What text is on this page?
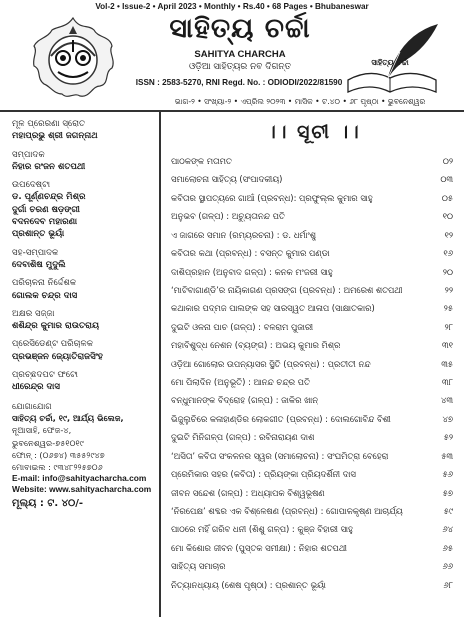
Vol-2 • Issue-2 • April 2023 • Monthly • Rs.40 • 68 Pages • Bhubaneswar
ସାହିତ୍ୟ ଚର୍ଚ୍ଚା
SAHITYA CHARCHA
ଓଡ଼ିଆ ସାହିତ୍ୟର ନବ ଦିଗନ୍ତ
ISSN : 2583-5270, RNI Regd. No. : ODIODI/2022/81590
ସାହିତ୍ୟ ଚର୍ଚ୍ଚା
ଭାଗ-୨ • ସଂଖ୍ୟା-୨ • ଏପ୍ରିଲ ୨୦୨୩ • ମାସିକ • ଟ.୪୦ • ୬୮ ପୃଷ୍ଠା • ଭୁବନେଶ୍ୱର
ମୂଳ ପ୍ରେରଣା ସ୍ରୋତ
ମହାପ୍ରଭୁ ଶ୍ରୀ ଜଗନ୍ନାଥ
ସମ୍ପାଦକ
ନିହାର ରଂଜନ ଶତପଥୀ
ଉପଦେଷ୍ଟା
ଡ. ପୂର୍ଣ୍ଣଚନ୍ଦ୍ର ମିଶ୍ର
ଦୁର୍ଗା ଚରଣ ଷଡ଼ଙ୍ଗୀ
ବଦନଦେବ ମହାରଣା
ପ୍ରଶାନ୍ତ ଭୂୟାଁ
ସହ-ସମ୍ପାଦକ
ଦେବାଶିଷ ମୁଦୁଲି
ପରିଚାଳନା ନିର୍ଦ୍ଦେଶକ
ଗୋଲକ ଚନ୍ଦ୍ର ଦାସ
ଅକ୍ଷର ସଜ୍ଜା
ଶଶିନ୍ଦ୍ର କୁମାର ରାଉତରାୟ
ପ୍ରେସିଡେଣ୍ଟ ପରିଚାଳକ
ପ୍ରଭଞ୍ଜନ ଜ୍ୟୋତିରାଜସିଂହ
ପ୍ରଚ୍ଛଦପଟ ଫଟୋ
ଧୀରେନ୍ଦ୍ର ଦାସ
ଯୋଗାଯୋଗ
ସାହିତ୍ୟ ଚର୍ଚ୍ଚା, ୧୯, ଆର୍ଯ୍ୟ ଭିଲେଜ,
ନୂଆସାହି, ଫେଜ-୪,
ଭୁବନେଶ୍ୱର-୭୫୧୦୧୯
ଫୋନ୍ : (୦୬୭୪) ୩୫୫୨୯୪୭
ମୋବାଇଲ : ୯୩୪୮୨୨୫୭୦୬
E-mail: info@sahityacharcha.com
Website: www.sahityacharcha.com
ମୂଲ୍ୟ : ଟ. ୪୦/-
।। ସୂଚୀ ।।
ପାଠକଙ୍କ ମତାମତ	୦୨
ସମାଲୋଚନା ସାହିତ୍ୟ (ସଂପାଦକୀୟ)	୦୩
କବିତାର ସ୍ଥାପତ୍ୟରେ ଗାଆଁ (ପ୍ରବନ୍ଧ): ପ୍ରଫୁଲ୍ଲ କୁମାର ସାହୁ	୦୫
ଅନୁଭବ (ଗଳ୍ପ) : ଅଚ୍ୟୁତାନନ୍ଦ ପତି	୧୦
ଏ ଜାଗରେ ସମାନ (ରମ୍ୟରଚନା) : ଡ. ଧର୍ମାଂଶୁ	୧୨
କବିତାର କଥା (ପ୍ରବନ୍ଧ) : ବସନ୍ତ କୁମାର ପଣ୍ଡା	୧୬
ଦାଶିପ୍ରହାନ (ଅନୁବାଦ ଗଳ୍ପ) : କନକ ମଂଜରୀ ସାହୁ	୨୦
‘ମାଟିବାଗାଣ୍ଡି’ର ନାୟିକାଗଣ ପ୍ରସଙ୍ଗ (ପ୍ରବନ୍ଧ) : ଅମରେଶ ଶତପଥୀ	୨୨
କଥାକାର ପଦ୍ମଜ ପାଲଙ୍କ ସହ ସାରସ୍ୱତ ଆଳାପ (ସାକ୍ଷାତକାର)	୨୫
ଦୁଇଟି ଓଳନା ପାଚ (ଗଳ୍ପ) : ବଳରାମ ପୁଜାରୀ	୨୮
ମହାବିଶୁଦ୍ଧ ନେଶନ (ବ୍ୟଙ୍ଗ) : ଅଭୟ କୁମାର ମିଶ୍ର	୩୧
ଓଡ଼ିଆ ଗୋଲୋର ଉପନ୍ୟାସର ସ୍ଥିତି (ପ୍ରବନ୍ଧ) : ପ୍ରତୀତୀ ନନ୍ଦ	୩୫
ମୋ ପିଲାଦିନ (ଅନୁଭୂତି) : ଆନନ୍ଦ ଚନ୍ଦ୍ର ପତି	୩୮
ବନ୍ଧୁମାନଙ୍କ ବିଦ୍ରୋହ (ଗଳ୍ପ) : ଜାକିର ଖାନ୍	୪୩
ଭିଜୁଲୁଚିରେ କଳାହାଣ୍ଡିର ଲୋକଗୀତ (ପ୍ରବନ୍ଧ) : ଦୋଲଗୋବିନ୍ଦ ବିଶୀ	୪୭
ଦୁଇଟି ମିନିଗଳ୍ପ (ଗଳ୍ପ) : ରବିନାରାୟଣ ଦାଶ	୫୨
‘ଅସିତା’ କବିତା ସଂକଳନର ସ୍ୱର (ସମାଲୋଚନା) : ସଂଘମିତ୍ରା ବେହେରା	୫୩
ପ୍ରେମିକାର ସହର (କବିତା) : ପ୍ରିୟଙ୍କା ପ୍ରିୟଦର୍ଶିନୀ ଦାସ	୫୬
ଜୀବନ ସନ୍ଦେଶ (ଗଳ୍ପ) : ଅଧ୍ୟାପକ ବିଶ୍ୱଭୂଷଣ	୫୭
‘ନିରପେକ୍ଷ’ ଶବ୍ଦର ଏକ ବିଶ୍ଳେଷଣ (ପ୍ରବନ୍ଧ) : ଗୋପାଳକୃଷ୍ଣ ଆଚାର୍ଯ୍ୟ	୫୯
ପାଠରେ ମହିଁ ଗରିବ ଧନୀ (ଶିଶୁ ଗଳ୍ପ) : କୁଞ୍ଜ ବିହାରୀ ସାହୁ	୬୪
ମୋ କିଶୋର ଜୀବନ (ପୁସ୍ତକ ସମୀକ୍ଷା) : ନିହାର ଶତପଥୀ	୬୫
ସାହିତ୍ୟ ସମାଚାର	୬୬
ନିତ୍ୟାନଧ୍ୟାୟ (ଶେଷ ପୃଷ୍ଠା) : ପ୍ରଶାନ୍ତ ଭୂୟାଁ	୬୮
